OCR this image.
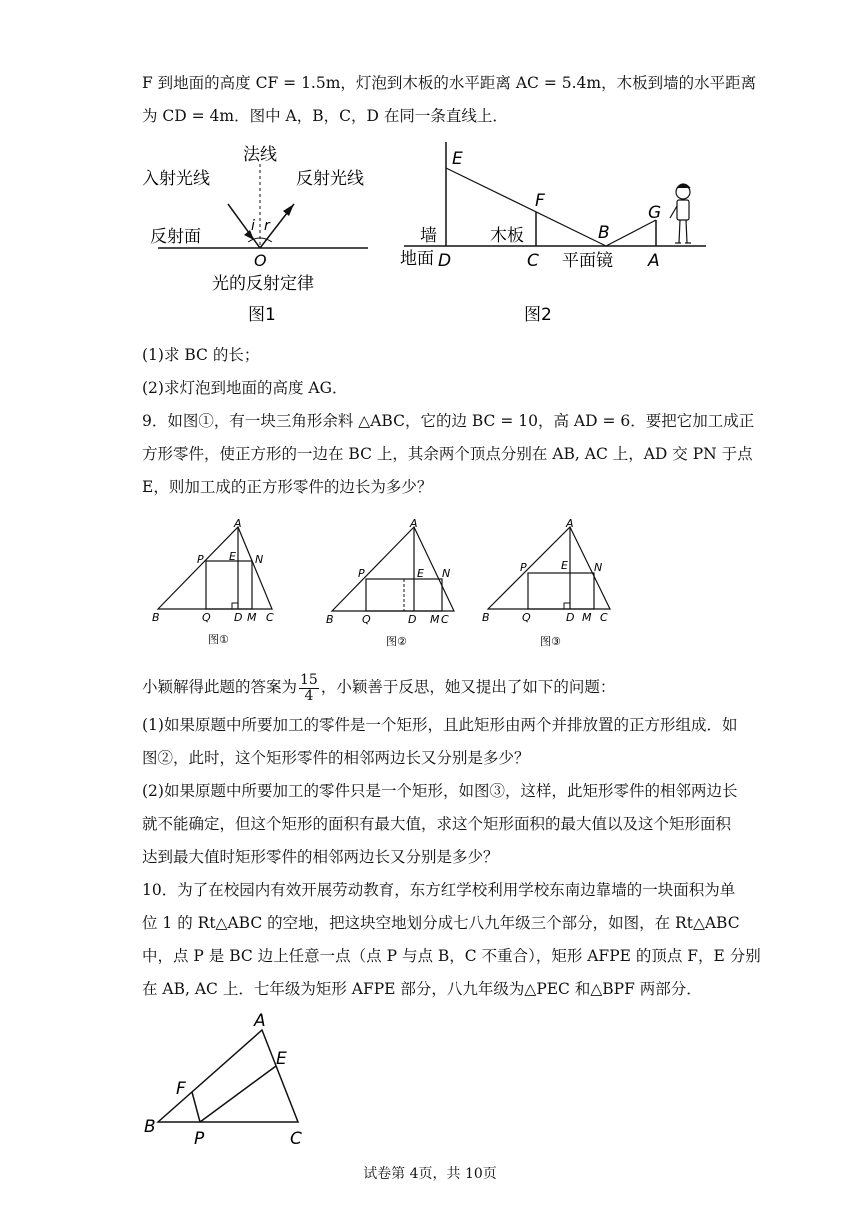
F 到地面的高度 CF = 1.5m，灯泡到木板的水平距离 AC = 5.4m，木板到墙的水平距离
为 CD = 4m．图中 A，B，C，D 在同一条直线上．
法线
入射光线	反射光线
反射面
i r
O
光的反射定律
图1
E
F
G
B
墙	木板
地面 D	C 平面镜 A
图2
(1)求 BC 的长；
(2)求灯泡到地面的高度 AG．
9．如图①，有一块三角形余料 △ABC，它的边 BC = 10，高 AD = 6．要把它加工成正
方形零件，使正方形的一边在 BC 上，其余两个顶点分别在 AB, AC 上，AD 交 PN 于点
E，则加工成的正方形零件的边长为多少？
A
P E N
B	Q D M C
图①
A
P	E N
B	Q	D M C
图②
A
P	E N
B	Q	D M C
图③
小颖解得此题的答案为 $\frac{15}{4}$ ，小颖善于反思，她又提出了如下的问题：
(1)如果原题中所要加工的零件是一个矩形，且此矩形由两个并排放置的正方形组成．如
图②，此时，这个矩形零件的相邻两边长又分别是多少？
(2)如果原题中所要加工的零件只是一个矩形，如图③，这样，此矩形零件的相邻两边长
就不能确定，但这个矩形的面积有最大值，求这个矩形面积的最大值以及这个矩形面积
达到最大值时矩形零件的相邻两边长又分别是多少？
10．为了在校园内有效开展劳动教育，东方红学校利用学校东南边靠墙的一块面积为单
位 1 的 Rt△ABC 的空地，把这块空地划分成七八九年级三个部分，如图，在 Rt△ABC
中，点 P 是 BC 边上任意一点（点 P 与点 B，C 不重合），矩形 AFPE 的顶点 F，E 分别
在 AB, AC 上．七年级为矩形 AFPE 部分，八九年级为△PEC 和△BPF 两部分．
A
E
F
B
P	C
试卷第 4页，共 10页
